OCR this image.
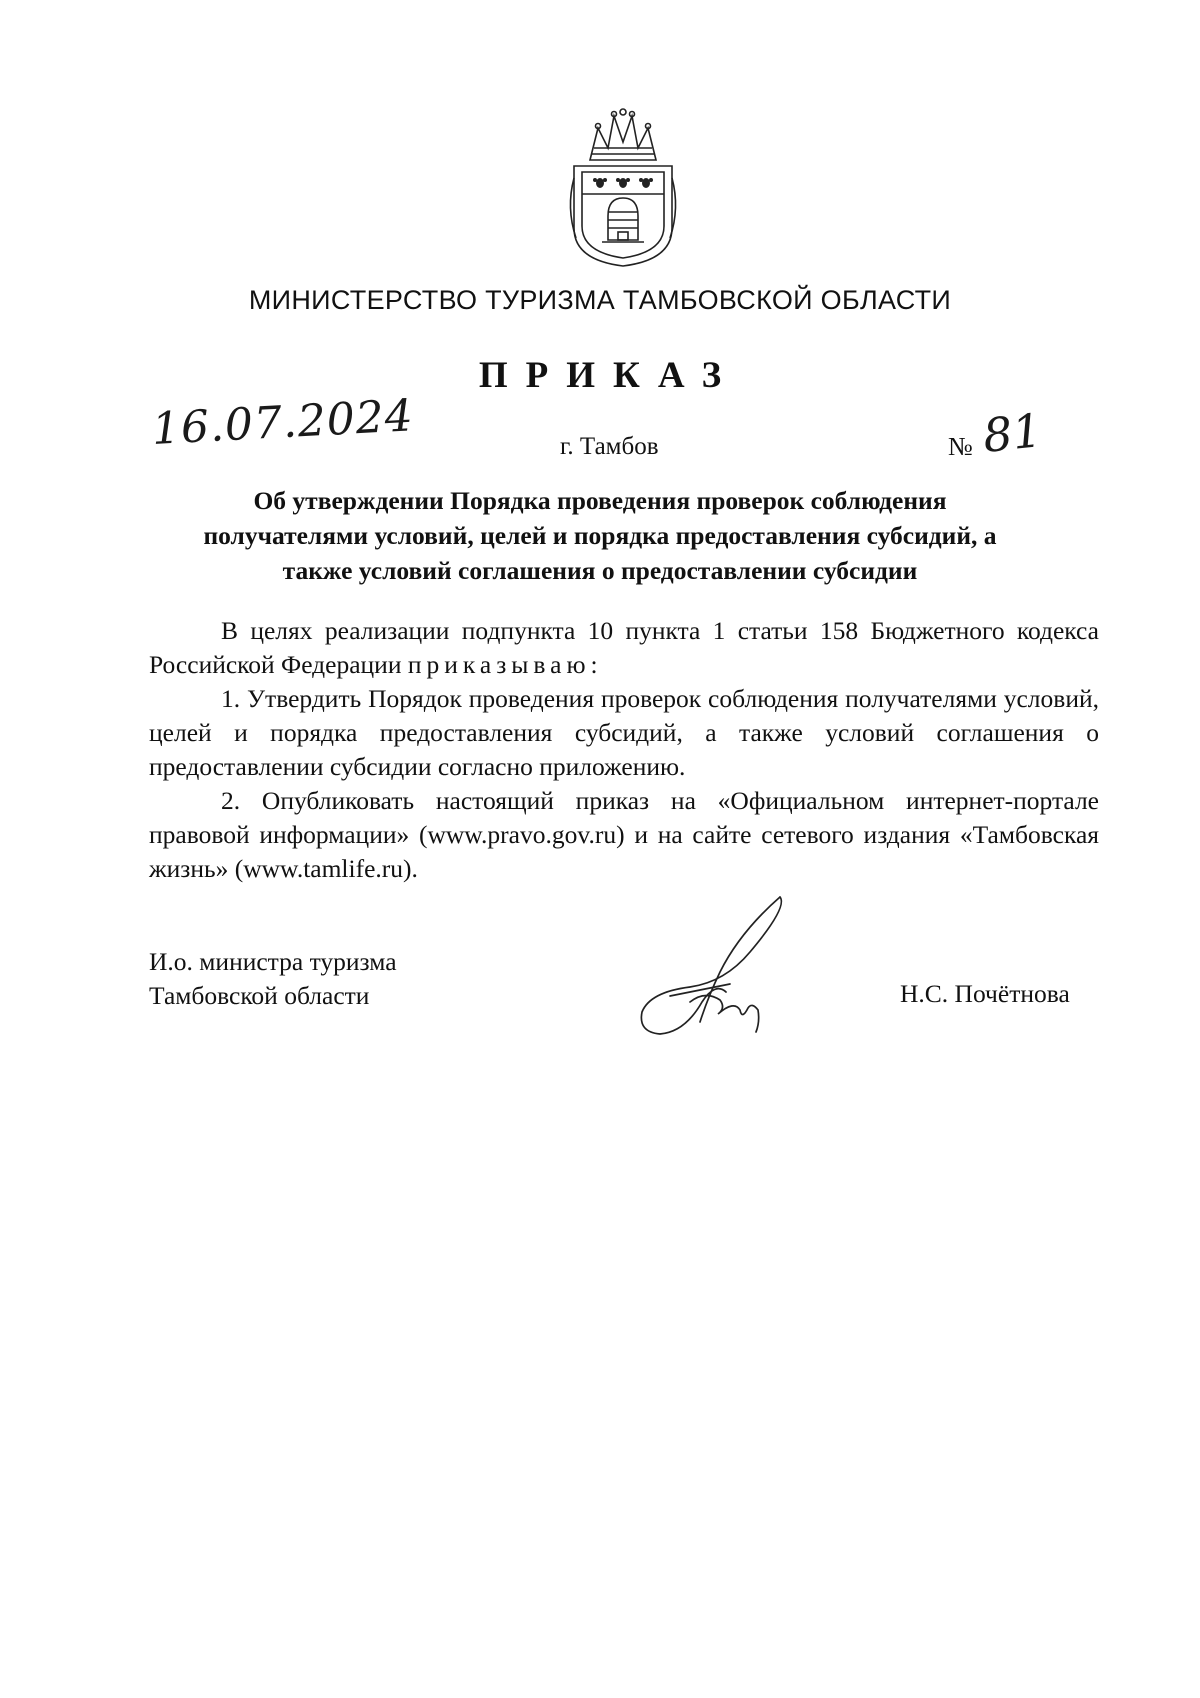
МИНИСТЕРСТВО ТУРИЗМА ТАМБОВСКОЙ ОБЛАСТИ
ПРИКАЗ
16.07.2024	г. Тамбов	№ 81
Об утверждении Порядка проведения проверок соблюдения
получателями условий, целей и порядка предоставления субсидий, а
также условий соглашения о предоставлении субсидии

В целях реализации подпункта 10 пункта 1 статьи 158 Бюджетного кодекса Российской Федерации приказываю:

1. Утвердить Порядок проведения проверок соблюдения получателями условий, целей и порядка предоставления субсидий, а также условий соглашения о предоставлении субсидии согласно приложению.

2. Опубликовать настоящий приказ на «Официальном интернет-портале правовой информации» (www.pravo.gov.ru) и на сайте сетевого издания «Тамбовская жизнь» (www.tamlife.ru).

И.о. министра туризма
Тамбовской области	Н.С. Почётнова
